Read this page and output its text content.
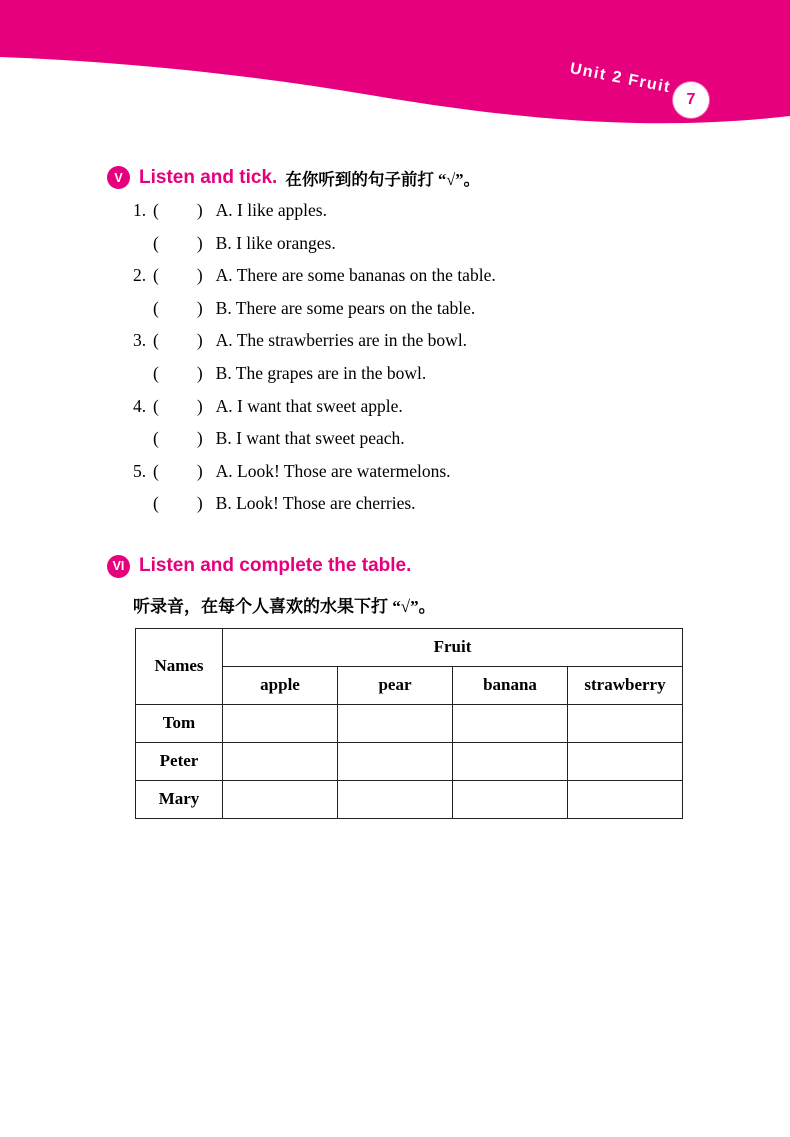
Unit 2 Fruit
7
V Listen and tick. 在你听到的句子前打 “√”。
1. ( ) A. I like apples.
( ) B. I like oranges.
2. ( ) A. There are some bananas on the table.
( ) B. There are some pears on the table.
3. ( ) A. The strawberries are in the bowl.
( ) B. The grapes are in the bowl.
4. ( ) A. I want that sweet apple.
( ) B. I want that sweet peach.
5. ( ) A. Look! Those are watermelons.
( ) B. Look! Those are cherries.
VI Listen and complete the table.
听录音，在每个人喜欢的水果下打 “√”。
Names	Fruit			
	apple	pear	banana	strawberry
Tom				
Peter				
Mary				
